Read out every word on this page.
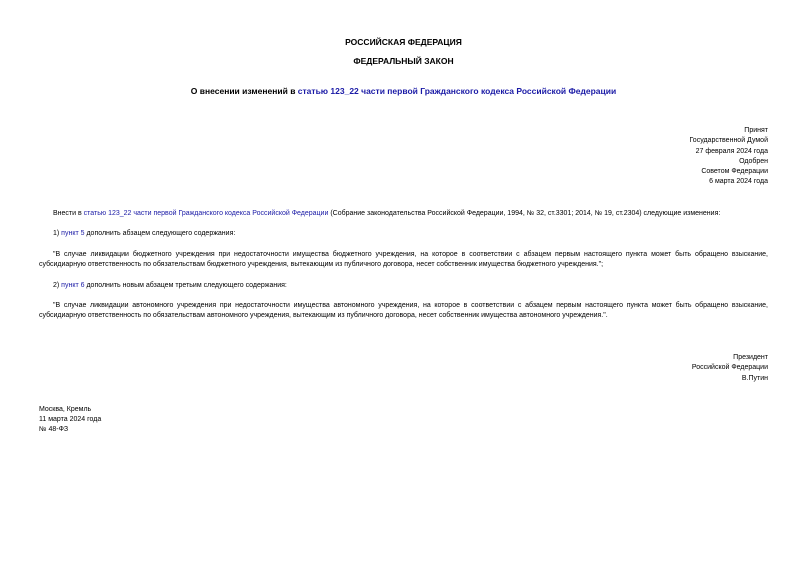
РОССИЙСКАЯ ФЕДЕРАЦИЯ
ФЕДЕРАЛЬНЫЙ ЗАКОН
О внесении изменений в статью 123_22 части первой Гражданского кодекса Российской Федерации
Принят
Государственной Думой
27 февраля 2024 года
Одобрен
Советом Федерации
6 марта 2024 года
Внести в статью 123_22 части первой Гражданского кодекса Российской Федерации (Собрание законодательства Российской Федерации, 1994, № 32, ст.3301; 2014, № 19, ст.2304) следующие изменения:
1) пункт 5 дополнить абзацем следующего содержания:
"В случае ликвидации бюджетного учреждения при недостаточности имущества бюджетного учреждения, на которое в соответствии с абзацем первым настоящего пункта может быть обращено взыскание, субсидиарную ответственность по обязательствам бюджетного учреждения, вытекающим из публичного договора, несет собственник имущества бюджетного учреждения.";
2) пункт 6 дополнить новым абзацем третьим следующего содержания:
"В случае ликвидации автономного учреждения при недостаточности имущества автономного учреждения, на которое в соответствии с абзацем первым настоящего пункта может быть обращено взыскание, субсидиарную ответственность по обязательствам автономного учреждения, вытекающим из публичного договора, несет собственник имущества автономного учреждения.".
Президент
Российской Федерации
В.Путин
Москва, Кремль
11 марта 2024 года
№ 48-ФЗ
